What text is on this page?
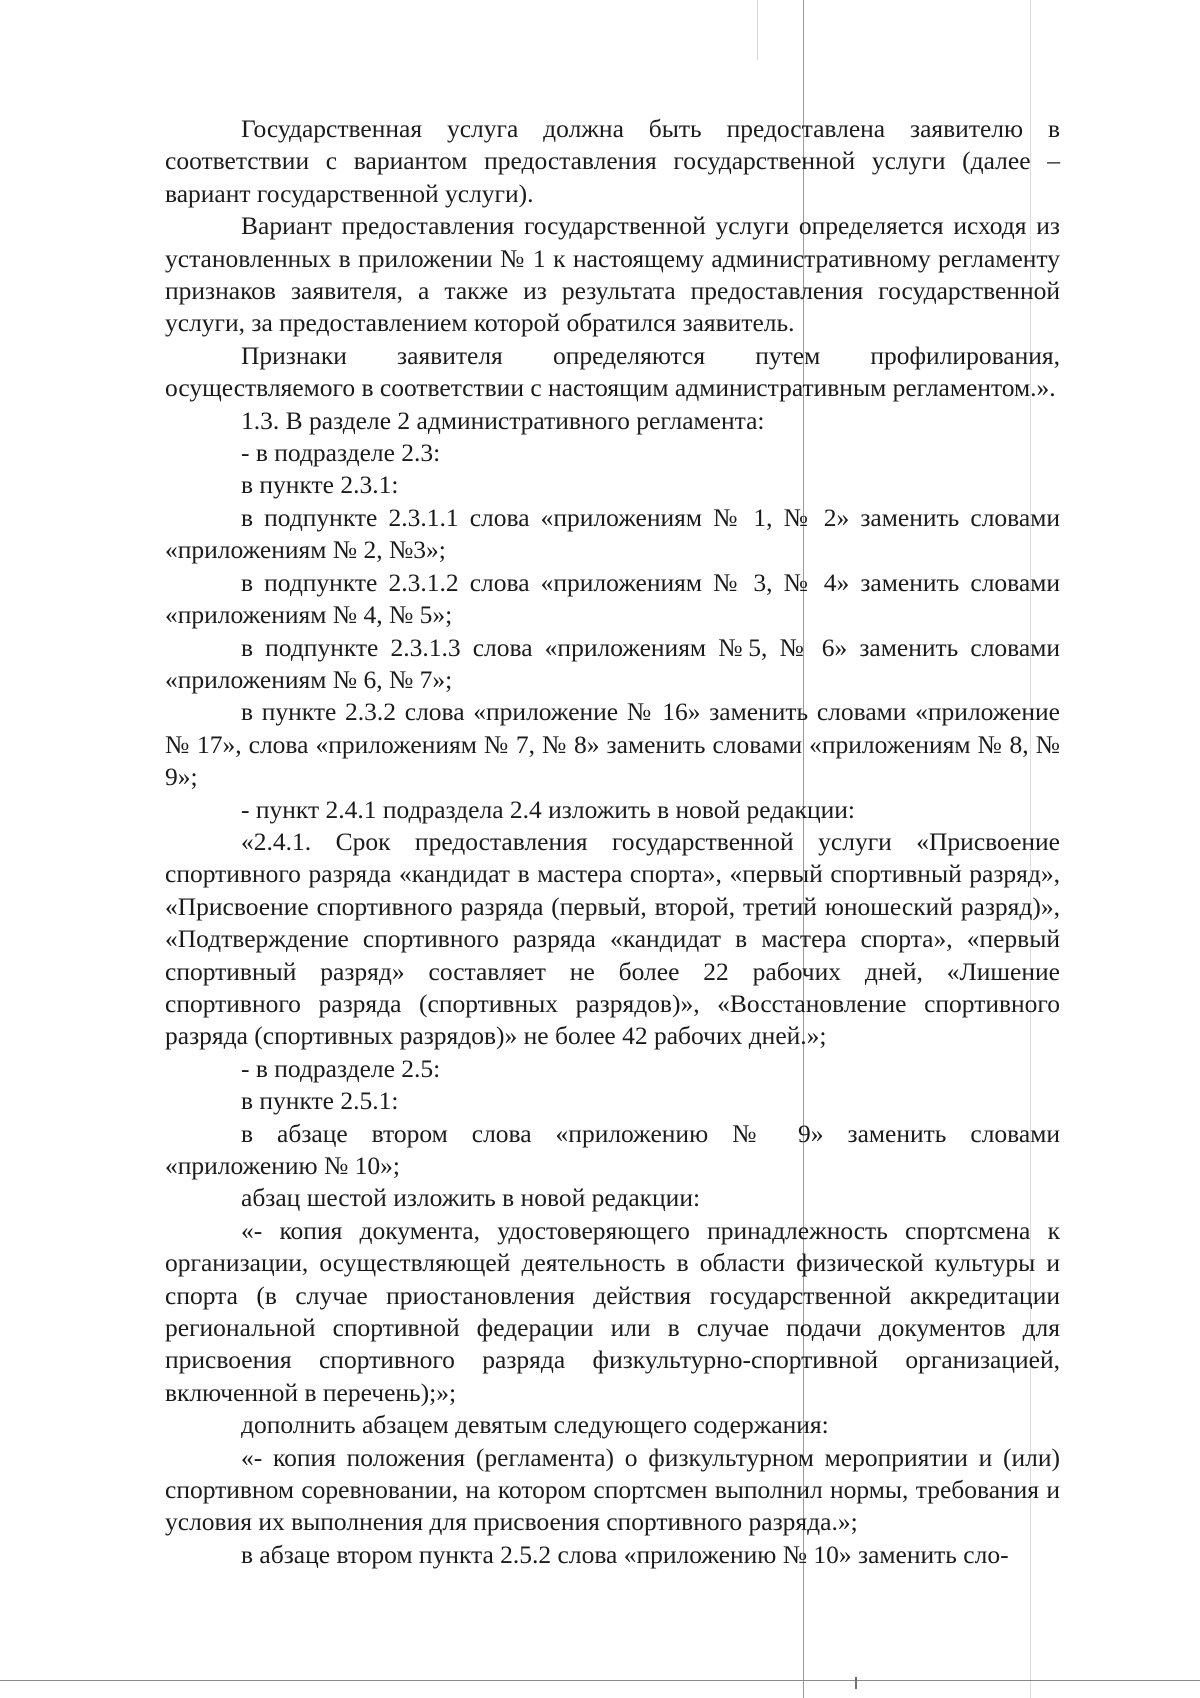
Государственная услуга должна быть предоставлена заявителю в соответствии с вариантом предоставления государственной услуги (далее – вариант государственной услуги).

Вариант предоставления государственной услуги определяется исходя из установленных в приложении № 1 к настоящему административному регламенту признаков заявителя, а также из результата предоставления государственной услуги, за предоставлением которой обратился заявитель.

Признаки заявителя определяются путем профилирования, осуществляемого в соответствии с настоящим административным регламентом.».

1.3. В разделе 2 административного регламента:

- в подразделе 2.3:

в пункте 2.3.1:

в подпункте 2.3.1.1 слова «приложениям № 1, № 2» заменить словами «приложениям № 2, №3»;

в подпункте 2.3.1.2 слова «приложениям № 3, № 4» заменить словами «приложениям № 4, № 5»;

в подпункте 2.3.1.3 слова «приложениям №5, № 6» заменить словами «приложениям № 6, № 7»;

в пункте 2.3.2 слова «приложение № 16» заменить словами «приложение № 17», слова «приложениям № 7, № 8» заменить словами «приложениям № 8, № 9»;

- пункт 2.4.1 подраздела 2.4 изложить в новой редакции:

«2.4.1. Срок предоставления государственной услуги «Присвоение спортивного разряда «кандидат в мастера спорта», «первый спортивный разряд», «Присвоение спортивного разряда (первый, второй, третий юношеский разряд)», «Подтверждение спортивного разряда «кандидат в мастера спорта», «первый спортивный разряд» составляет не более 22 рабочих дней, «Лишение спортивного разряда (спортивных разрядов)», «Восстановление спортивного разряда (спортивных разрядов)» не более 42 рабочих дней.»;

- в подразделе 2.5:

в пункте 2.5.1:

в абзаце втором слова «приложению № 9» заменить словами «приложению № 10»;

абзац шестой изложить в новой редакции:

«- копия документа, удостоверяющего принадлежность спортсмена к организации, осуществляющей деятельность в области физической культуры и спорта (в случае приостановления действия государственной аккредитации региональной спортивной федерации или в случае подачи документов для присвоения спортивного разряда физкультурно-спортивной организацией, включенной в перечень);»;

дополнить абзацем девятым следующего содержания:

«- копия положения (регламента) о физкультурном мероприятии и (или) спортивном соревновании, на котором спортсмен выполнил нормы, требования и условия их выполнения для присвоения спортивного разряда.»;

в абзаце втором пункта 2.5.2 слова «приложению № 10» заменить сло-
